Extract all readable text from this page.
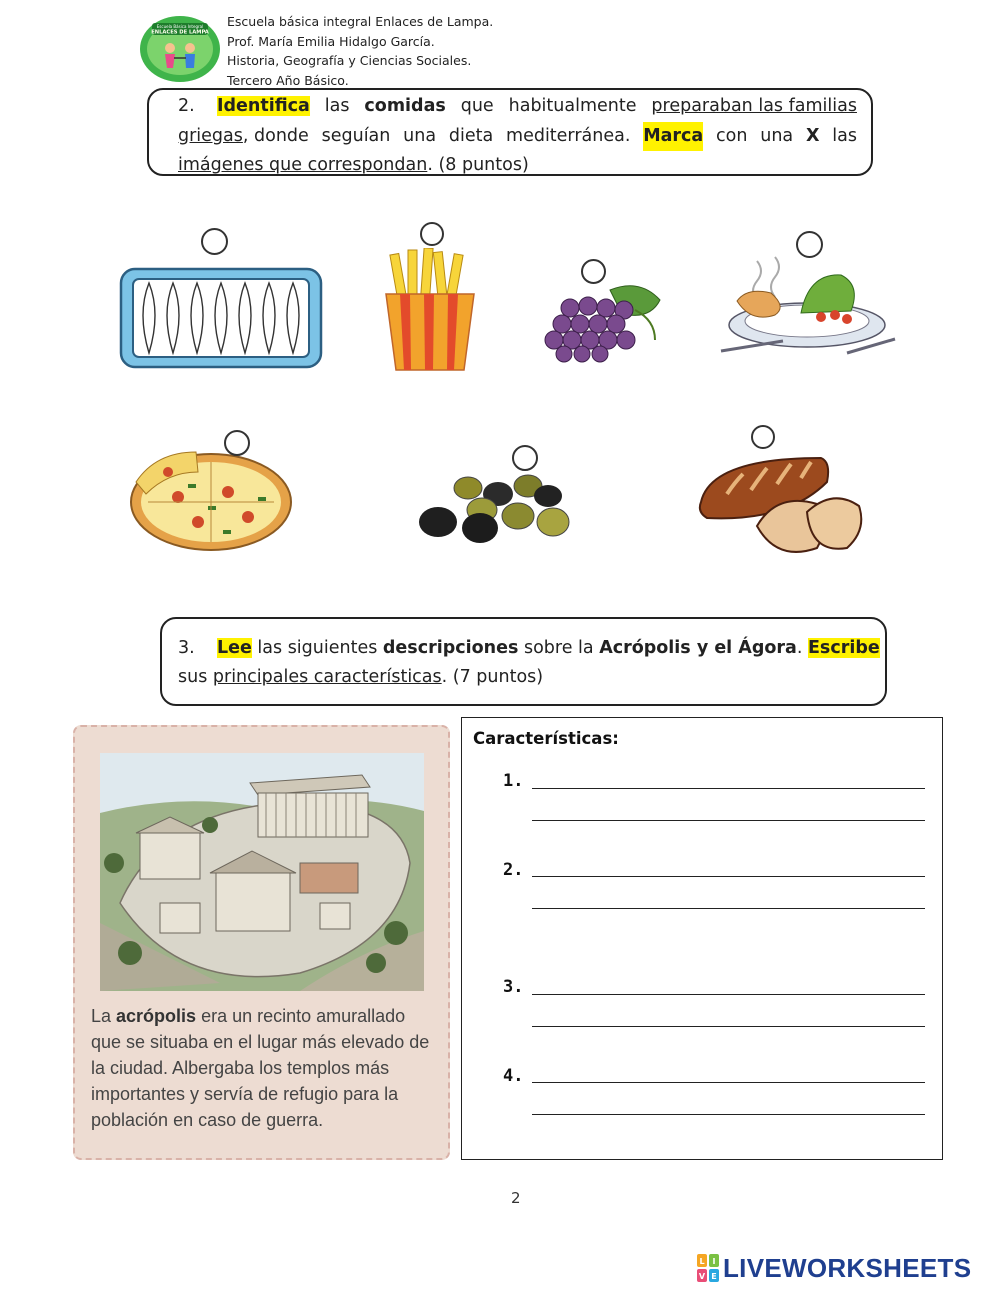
Escuela Básica Integral
ENLACES DE LAMPA
Escuela básica integral Enlaces de Lampa.
Prof. María Emilia Hidalgo García.
Historia, Geografía y Ciencias Sociales.
Tercero Año Básico.
2. Identifica las comidas que habitualmente preparaban las familias
griegas, donde seguían una dieta mediterránea. Marca con una X las
imágenes que correspondan. (8 puntos)
3. Lee las siguientes descripciones sobre la Acrópolis y el Ágora. Escribe
sus principales características. (7 puntos)
La acrópolis era un recinto amurallado que se situaba en el lugar más elevado de la ciudad. Albergaba los templos más importantes y servía de refugio para la población en caso de guerra.
Características:
1.
2.
3.
4.
2
L I
V E LIVEWORKSHEETS
